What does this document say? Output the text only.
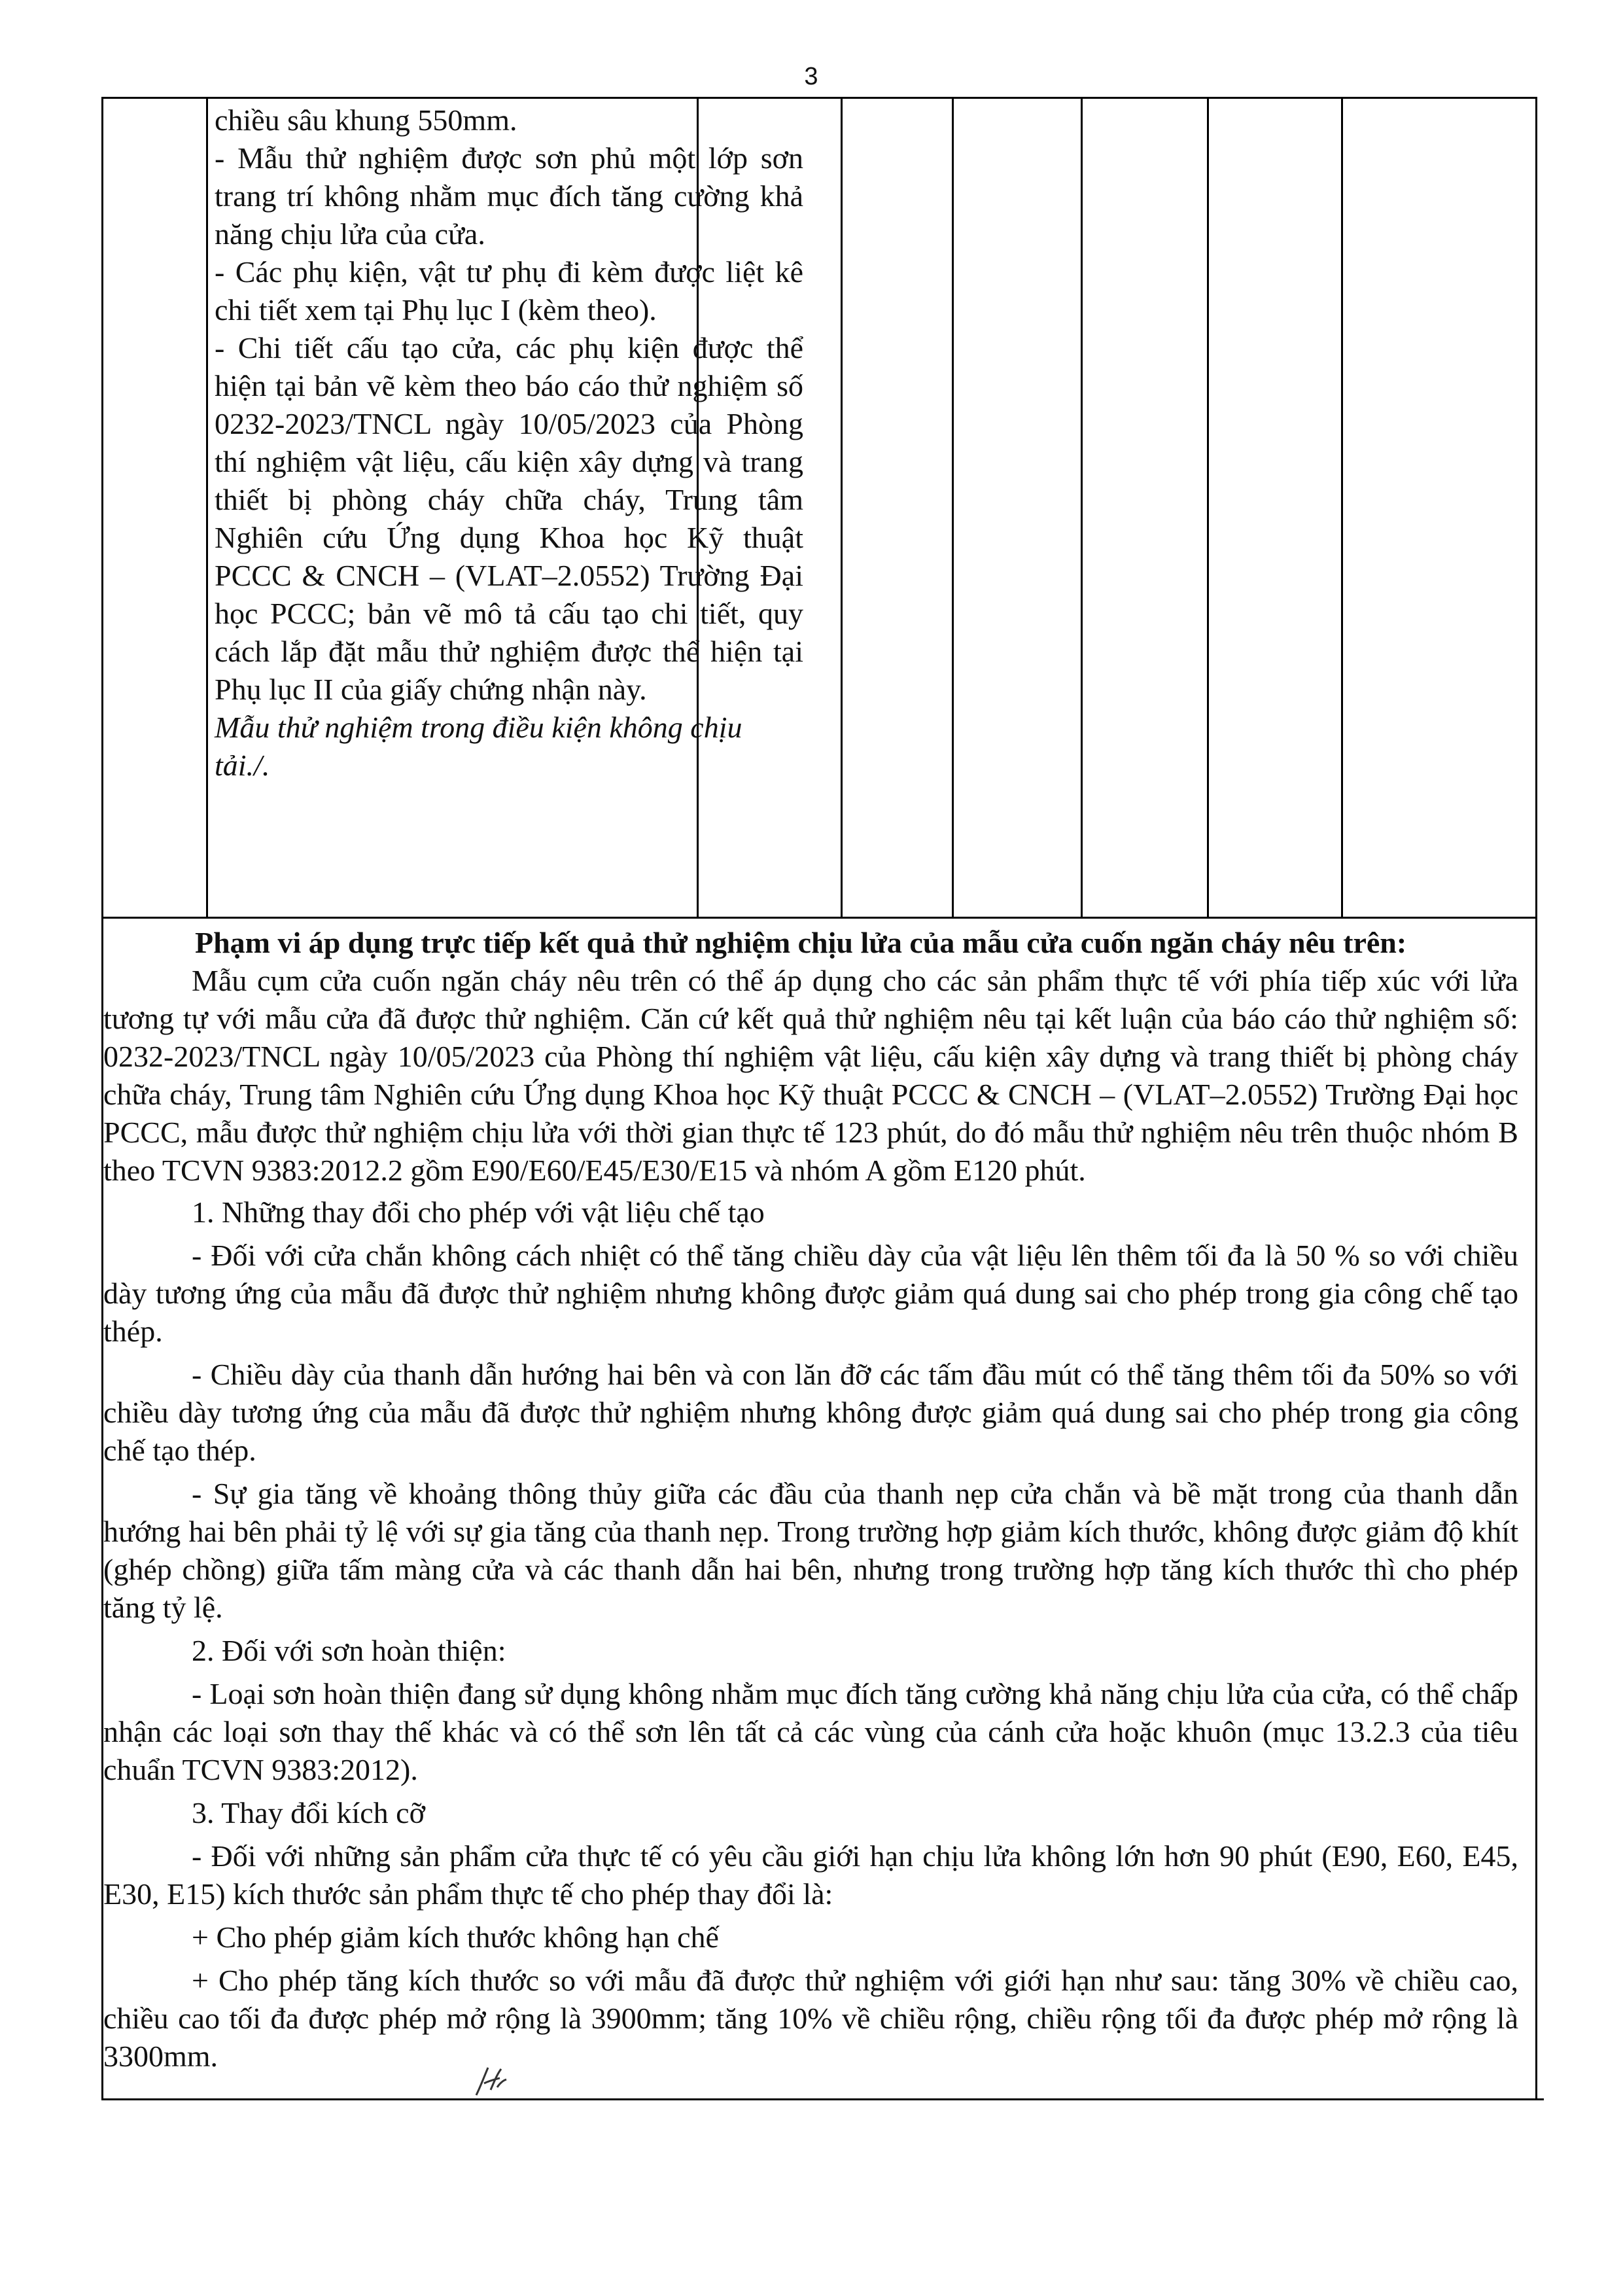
3

chiều sâu khung 550mm.

- Mẫu thử nghiệm được sơn phủ một lớp sơn trang trí không nhằm mục đích tăng cường khả năng chịu lửa của cửa.

- Các phụ kiện, vật tư phụ đi kèm được liệt kê chi tiết xem tại Phụ lục I (kèm theo).

- Chi tiết cấu tạo cửa, các phụ kiện được thể hiện tại bản vẽ kèm theo báo cáo thử nghiệm số 0232-2023/TNCL ngày 10/05/2023 của Phòng thí nghiệm vật liệu, cấu kiện xây dựng và trang thiết bị phòng cháy chữa cháy, Trung tâm Nghiên cứu Ứng dụng Khoa học Kỹ thuật PCCC & CNCH – (VLAT–2.0552) Trường Đại học PCCC; bản vẽ mô tả cấu tạo chi tiết, quy cách lắp đặt mẫu thử nghiệm được thể hiện tại Phụ lục II của giấy chứng nhận này.

Mẫu thử nghiệm trong điều kiện không chịu tải./.

Phạm vi áp dụng trực tiếp kết quả thử nghiệm chịu lửa của mẫu cửa cuốn ngăn cháy nêu trên:

Mẫu cụm cửa cuốn ngăn cháy nêu trên có thể áp dụng cho các sản phẩm thực tế với phía tiếp xúc với lửa tương tự với mẫu cửa đã được thử nghiệm. Căn cứ kết quả thử nghiệm nêu tại kết luận của báo cáo thử nghiệm số: 0232-2023/TNCL ngày 10/05/2023 của Phòng thí nghiệm vật liệu, cấu kiện xây dựng và trang thiết bị phòng cháy chữa cháy, Trung tâm Nghiên cứu Ứng dụng Khoa học Kỹ thuật PCCC & CNCH – (VLAT–2.0552) Trường Đại học PCCC, mẫu được thử nghiệm chịu lửa với thời gian thực tế 123 phút, do đó mẫu thử nghiệm nêu trên thuộc nhóm B theo TCVN 9383:2012.2 gồm E90/E60/E45/E30/E15 và nhóm A gồm E120 phút.

1. Những thay đổi cho phép với vật liệu chế tạo

- Đối với cửa chắn không cách nhiệt có thể tăng chiều dày của vật liệu lên thêm tối đa là 50 % so với chiều dày tương ứng của mẫu đã được thử nghiệm nhưng không được giảm quá dung sai cho phép trong gia công chế tạo thép.

- Chiều dày của thanh dẫn hướng hai bên và con lăn đỡ các tấm đầu mút có thể tăng thêm tối đa 50% so với chiều dày tương ứng của mẫu đã được thử nghiệm nhưng không được giảm quá dung sai cho phép trong gia công chế tạo thép.

- Sự gia tăng về khoảng thông thủy giữa các đầu của thanh nẹp cửa chắn và bề mặt trong của thanh dẫn hướng hai bên phải tỷ lệ với sự gia tăng của thanh nẹp. Trong trường hợp giảm kích thước, không được giảm độ khít (ghép chồng) giữa tấm màng cửa và các thanh dẫn hai bên, nhưng trong trường hợp tăng kích thước thì cho phép tăng tỷ lệ.

2. Đối với sơn hoàn thiện:

- Loại sơn hoàn thiện đang sử dụng không nhằm mục đích tăng cường khả năng chịu lửa của cửa, có thể chấp nhận các loại sơn thay thế khác và có thể sơn lên tất cả các vùng của cánh cửa hoặc khuôn (mục 13.2.3 của tiêu chuẩn TCVN 9383:2012).

3. Thay đổi kích cỡ

- Đối với những sản phẩm cửa thực tế có yêu cầu giới hạn chịu lửa không lớn hơn 90 phút (E90, E60, E45, E30, E15) kích thước sản phẩm thực tế cho phép thay đổi là:

+ Cho phép giảm kích thước không hạn chế

+ Cho phép tăng kích thước so với mẫu đã được thử nghiệm với giới hạn như sau: tăng 30% về chiều cao, chiều cao tối đa được phép mở rộng là 3900mm; tăng 10% về chiều rộng, chiều rộng tối đa được phép mở rộng là 3300mm.
